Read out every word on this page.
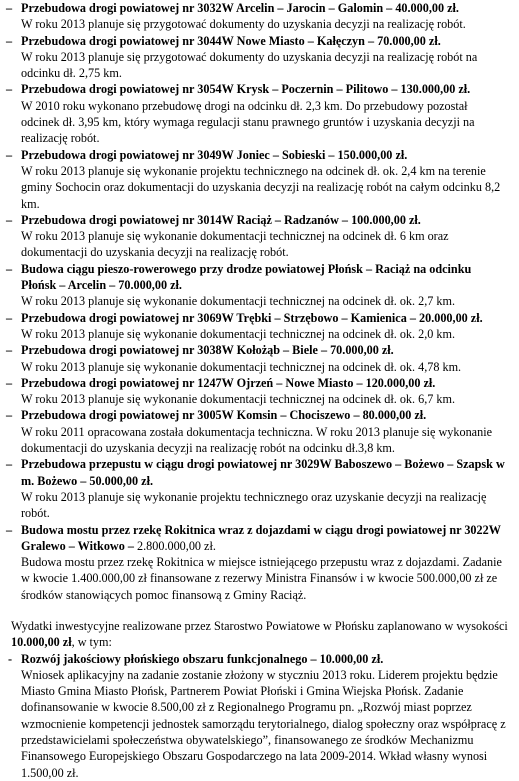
– Przebudowa drogi powiatowej nr 3032W Arcelin – Jarocin – Galomin – 40.000,00 zł.
W roku 2013 planuje się przygotować dokumenty do uzyskania decyzji na realizację robót.
– Przebudowa drogi powiatowej nr 3044W Nowe Miasto – Kałęczyn – 70.000,00 zł.
W roku 2013 planuje się przygotować dokumenty do uzyskania decyzji na realizację robót na odcinku dł. 2,75 km.
– Przebudowa drogi powiatowej nr 3054W Krysk – Poczernin – Pilitowo – 130.000,00 zł.
W 2010 roku wykonano przebudowę drogi na odcinku dł. 2,3 km. Do przebudowy pozostał odcinek dł. 3,95 km, który wymaga regulacji stanu prawnego gruntów i uzyskania decyzji na realizację robót.
– Przebudowa drogi powiatowej nr 3049W Joniec – Sobieski – 150.000,00 zł.
W roku 2013 planuje się wykonanie projektu technicznego na odcinek dł. ok. 2,4 km na terenie gminy Sochocin oraz dokumentacji do uzyskania decyzji na realizację robót na całym odcinku 8,2 km.
– Przebudowa drogi powiatowej nr 3014W Raciąż – Radzanów – 100.000,00 zł.
W roku 2013 planuje się wykonanie dokumentacji technicznej na odcinek dł. 6 km oraz dokumentacji do uzyskania decyzji na realizację robót.
– Budowa ciągu pieszo-rowerowego przy drodze powiatowej Płońsk – Raciąż na odcinku Płońsk – Arcelin – 70.000,00 zł.
W roku 2013 planuje się wykonanie dokumentacji technicznej na odcinek dł. ok. 2,7 km.
– Przebudowa drogi powiatowej nr 3069W Trębki – Strzębowo – Kamienica – 20.000,00 zł.
W roku 2013 planuje się wykonanie dokumentacji technicznej na odcinek dł. ok. 2,0 km.
– Przebudowa drogi powiatowej nr 3038W Kołożąb – Biele – 70.000,00 zł.
W roku 2013 planuje się wykonanie dokumentacji technicznej na odcinek dł. ok. 4,78 km.
– Przebudowa drogi powiatowej nr 1247W Ojrzeń – Nowe Miasto – 120.000,00 zł.
W roku 2013 planuje się wykonanie dokumentacji technicznej na odcinek dł. ok. 6,7 km.
– Przebudowa drogi powiatowej nr 3005W Komsin – Chociszewo – 80.000,00 zł.
W roku 2011 opracowana została dokumentacja techniczna. W roku 2013 planuje się wykonanie dokumentacji do uzyskania decyzji na realizację robót na odcinku dł.3,8 km.
– Przebudowa przepustu w ciągu drogi powiatowej nr 3029W Baboszewo – Bożewo – Szapsk w m. Bożewo – 50.000,00 zł.
W roku 2013 planuje się wykonanie projektu technicznego oraz uzyskanie decyzji na realizację robót.
– Budowa mostu przez rzekę Rokitnica wraz z dojazdami w ciągu drogi powiatowej nr 3022W Gralewo – Witkowo – 2.800.000,00 zł.
Budowa mostu przez rzekę Rokitnica w miejsce istniejącego przepustu wraz z dojazdami. Zadanie w kwocie 1.400.000,00 zł finansowane z rezerwy Ministra Finansów i w kwocie 500.000,00 zł ze środków stanowiących pomoc finansową z Gminy Raciąż.
Wydatki inwestycyjne realizowane przez Starostwo Powiatowe w Płońsku zaplanowano w wysokości 10.000,00 zł, w tym:
- Rozwój jakościowy płońskiego obszaru funkcjonalnego – 10.000,00 zł.
Wniosek aplikacyjny na zadanie zostanie złożony w styczniu 2013 roku. Liderem projektu będzie Miasto Gmina Miasto Płońsk, Partnerem Powiat Płoński i Gmina Wiejska Płońsk. Zadanie dofinansowanie w kwocie 8.500,00 zł z Regionalnego Programu pn. „Rozwój miast poprzez wzmocnienie kompetencji jednostek samorządu terytorialnego, dialog społeczny oraz współpracę z przedstawicielami społeczeństwa obywatelskiego”, finansowanego ze środków Mechanizmu Finansowego Europejskiego Obszaru Gospodarczego na lata 2009-2014. Wkład własny wynosi 1.500,00 zł.
